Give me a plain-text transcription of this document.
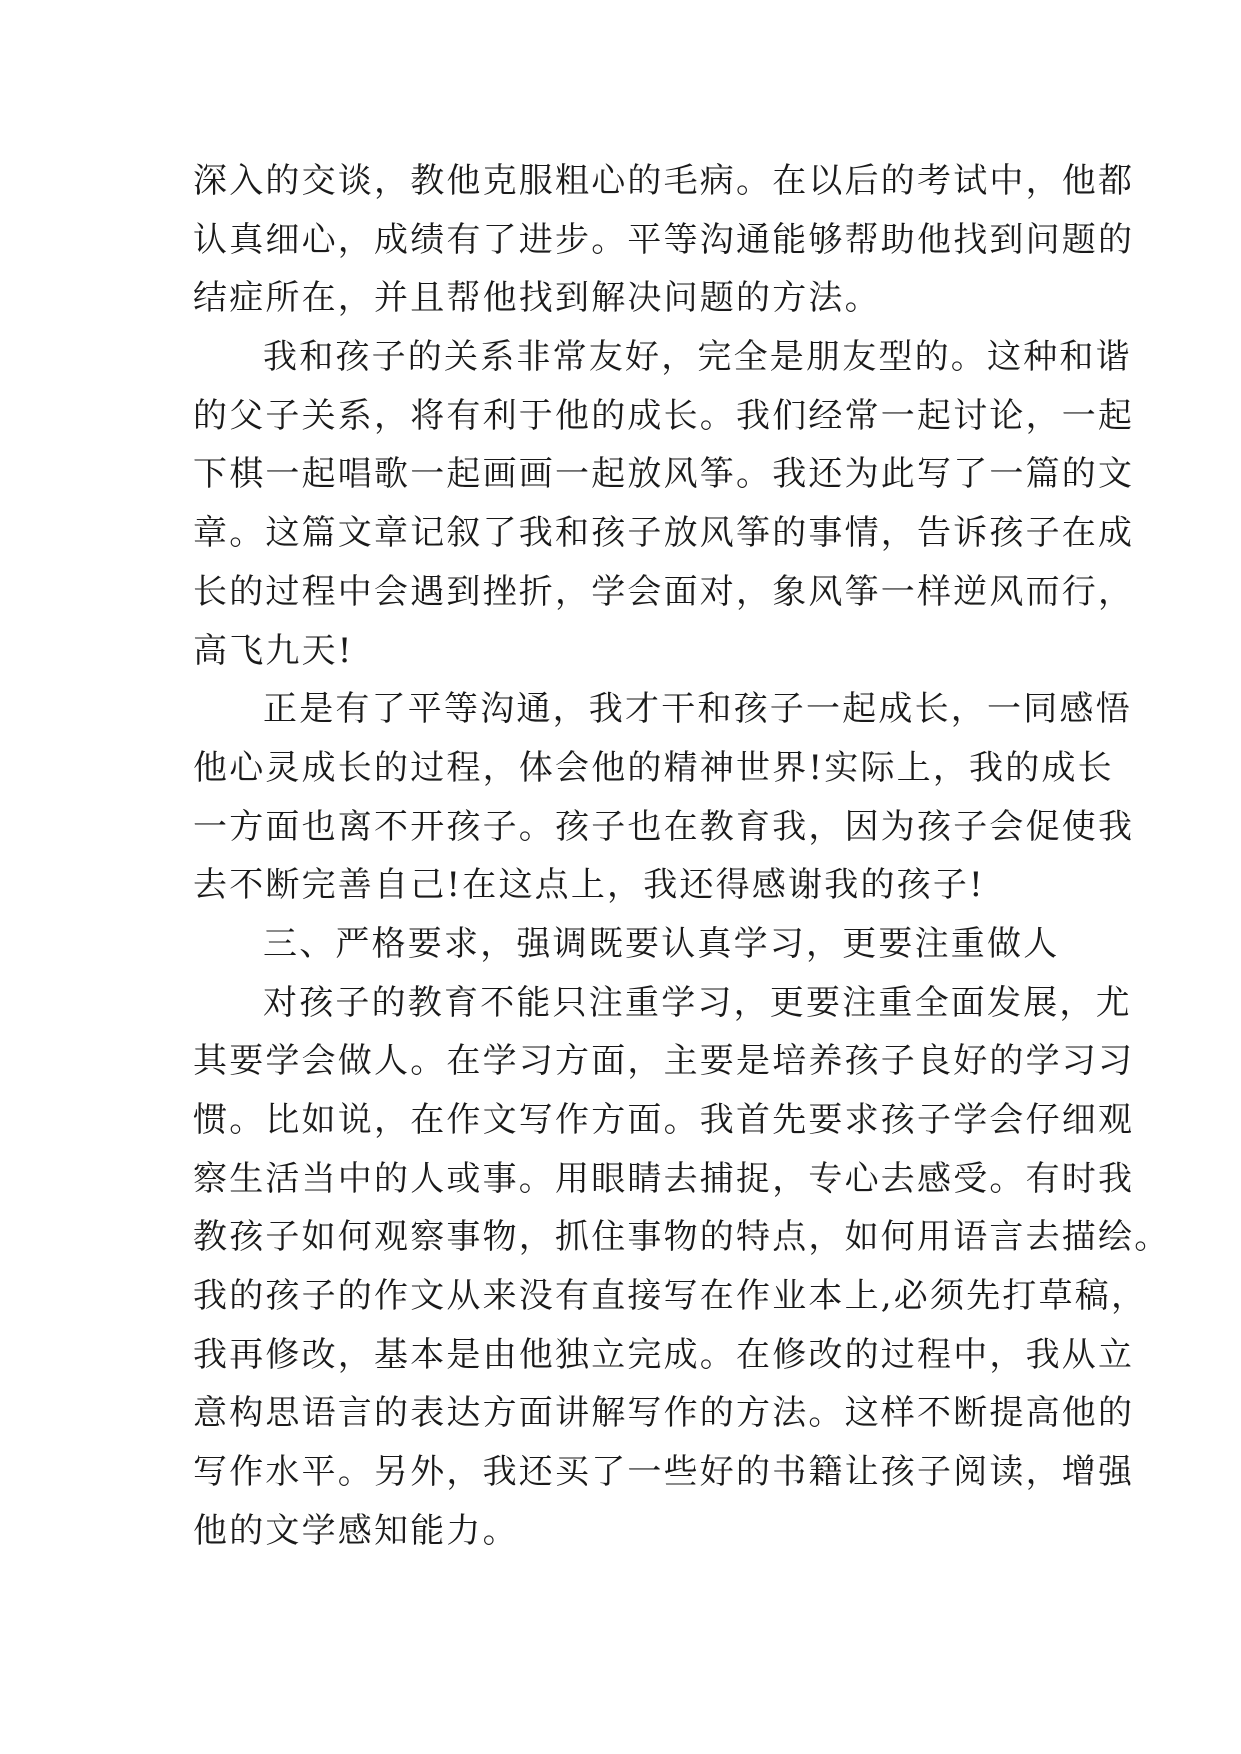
深入的交谈，教他克服粗心的毛病。在以后的考试中，他都
认真细心，成绩有了进步。平等沟通能够帮助他找到问题的
结症所在，并且帮他找到解决问题的方法。
我和孩子的关系非常友好，完全是朋友型的。这种和谐
的父子关系，将有利于他的成长。我们经常一起讨论，一起
下棋一起唱歌一起画画一起放风筝。我还为此写了一篇的文
章。这篇文章记叙了我和孩子放风筝的事情，告诉孩子在成
长的过程中会遇到挫折，学会面对，象风筝一样逆风而行，
高飞九天!
正是有了平等沟通，我才干和孩子一起成长，一同感悟
他心灵成长的过程，体会他的精神世界!实际上，我的成长
一方面也离不开孩子。孩子也在教育我，因为孩子会促使我
去不断完善自己!在这点上，我还得感谢我的孩子!
三、严格要求，强调既要认真学习，更要注重做人
对孩子的教育不能只注重学习，更要注重全面发展，尤
其要学会做人。在学习方面，主要是培养孩子良好的学习习
惯。比如说，在作文写作方面。我首先要求孩子学会仔细观
察生活当中的人或事。用眼睛去捕捉，专心去感受。有时我
教孩子如何观察事物，抓住事物的特点，如何用语言去描绘。
我的孩子的作文从来没有直接写在作业本上,必须先打草稿，
我再修改，基本是由他独立完成。在修改的过程中，我从立
意构思语言的表达方面讲解写作的方法。这样不断提高他的
写作水平。另外，我还买了一些好的书籍让孩子阅读，增强
他的文学感知能力。
